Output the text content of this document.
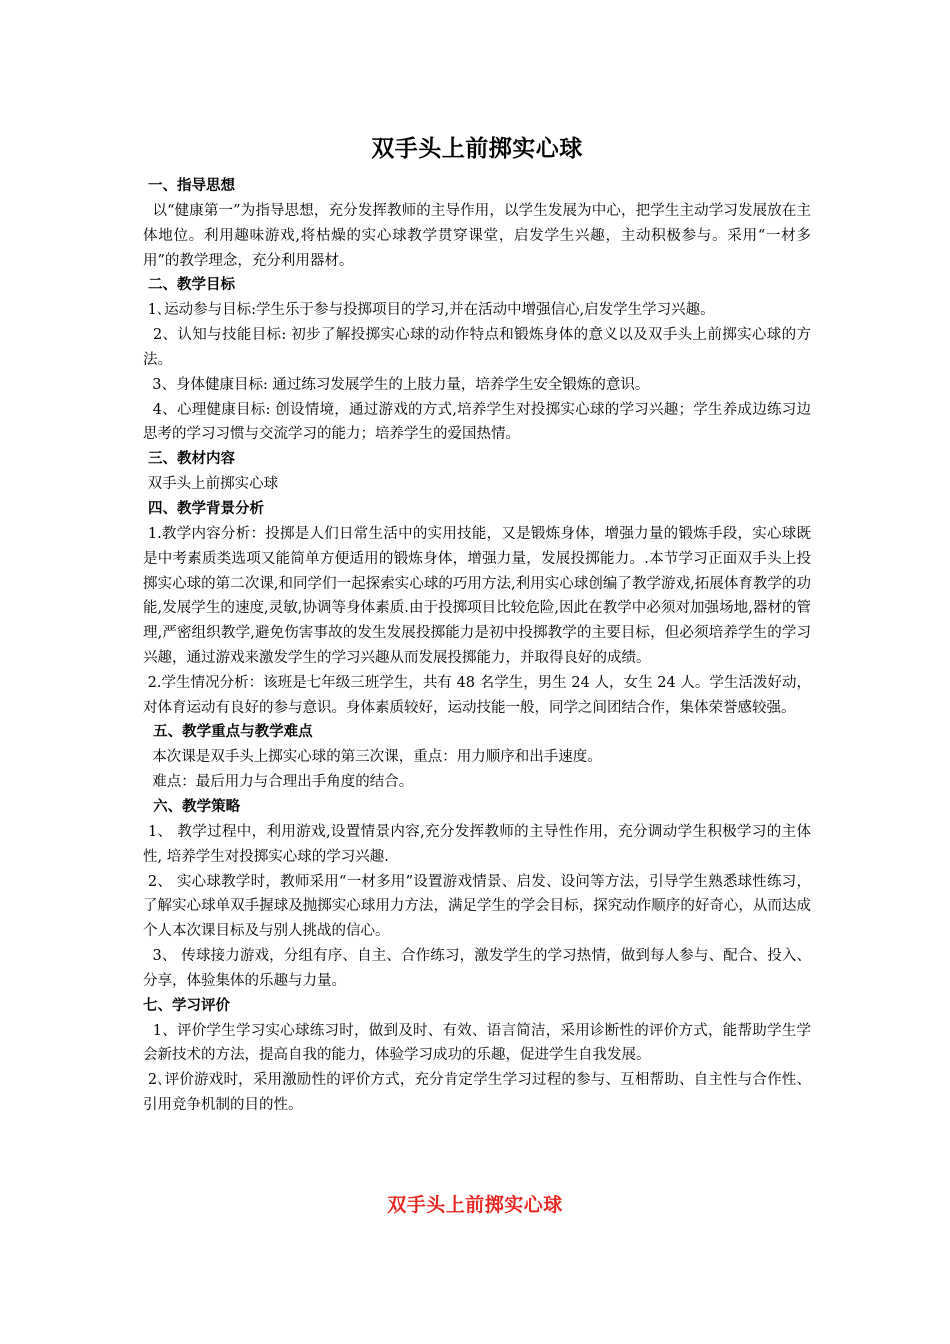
双手头上前掷实心球
一、指导思想
以“健康第一”为指导思想，充分发挥教师的主导作用，以学生发展为中心，把学生主动学习发展放在主体地位。利用趣味游戏,将枯燥的实心球教学贯穿课堂，启发学生兴趣，主动积极参与。采用“一材多用”的教学理念，充分利用器材。
二、教学目标
1､运动参与目标:学生乐于参与投掷项目的学习,并在活动中增强信心,启发学生学习兴趣。
2、认知与技能目标: 初步了解投掷实心球的动作特点和锻炼身体的意义以及双手头上前掷实心球的方法。
3、身体健康目标: 通过练习发展学生的上肢力量，培养学生安全锻炼的意识。
4、心理健康目标: 创设情境，通过游戏的方式,培养学生对投掷实心球的学习兴趣；学生养成边练习边思考的学习习惯与交流学习的能力；培养学生的爱国热情。
三、教材内容
双手头上前掷实心球
四、教学背景分析
1.教学内容分析：投掷是人们日常生活中的实用技能，又是锻炼身体，增强力量的锻炼手段，实心球既是中考素质类选项又能简单方便适用的锻炼身体，增强力量，发展投掷能力。.本节学习正面双手头上投掷实心球的第二次课,和同学们一起探索实心球的巧用方法,利用实心球创编了教学游戏,拓展体育教学的功能,发展学生的速度,灵敏,协调等身体素质.由于投掷项目比较危险,因此在教学中必须对加强场地,器材的管理,严密组织教学,避免伤害事故的发生发展投掷能力是初中投掷教学的主要目标，但必须培养学生的学习兴趣，通过游戏来激发学生的学习兴趣从而发展投掷能力，并取得良好的成绩。
2.学生情况分析：该班是七年级三班学生，共有 48 名学生，男生 24 人，女生 24 人。学生活泼好动，对体育运动有良好的参与意识。身体素质较好，运动技能一般，同学之间团结合作，集体荣誉感较强。
五、教学重点与教学难点
本次课是双手头上掷实心球的第三次课，重点：用力顺序和出手速度。
难点：最后用力与合理出手角度的结合。
六、教学策略
1、 教学过程中，利用游戏,设置情景内容,充分发挥教师的主导性作用，充分调动学生积极学习的主体性, 培养学生对投掷实心球的学习兴趣.
2、 实心球教学时，教师采用“一材多用”设置游戏情景、启发、设问等方法，引导学生熟悉球性练习，了解实心球单双手握球及抛掷实心球用力方法，满足学生的学会目标，探究动作顺序的好奇心，从而达成个人本次课目标及与别人挑战的信心。
3、 传球接力游戏，分组有序、自主、合作练习，激发学生的学习热情，做到每人参与、配合、投入、分享，体验集体的乐趣与力量。
七、学习评价
1、评价学生学习实心球练习时，做到及时、有效、语言简洁，采用诊断性的评价方式，能帮助学生学会新技术的方法，提高自我的能力，体验学习成功的乐趣，促进学生自我发展。
2､评价游戏时，采用激励性的评价方式，充分肯定学生学习过程的参与、互相帮助、自主性与合作性、引用竞争机制的目的性。
双手头上前掷实心球
